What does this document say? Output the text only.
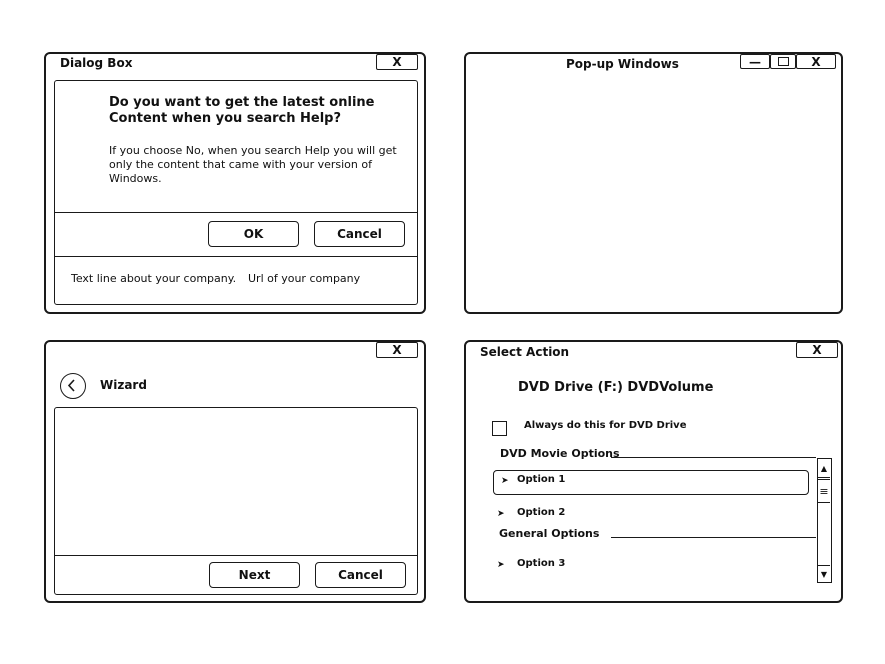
Dialog Box	X
Do you want to get the latest online
Content when you search Help?
If you choose No, when you search Help you will get
only the content that came with your version of
Windows.
OK	Cancel
Text line about your company. Url of your company
Pop-up Windows	—	X
X
Wizard
Next	Cancel
Select Action	X
DVD Drive (F:) DVDVolume
Always do this for DVD Drive
DVD Movie Options
➤ Option 1
➤ Option 2
General Options
➤ Option 3
▲
≡
▼
